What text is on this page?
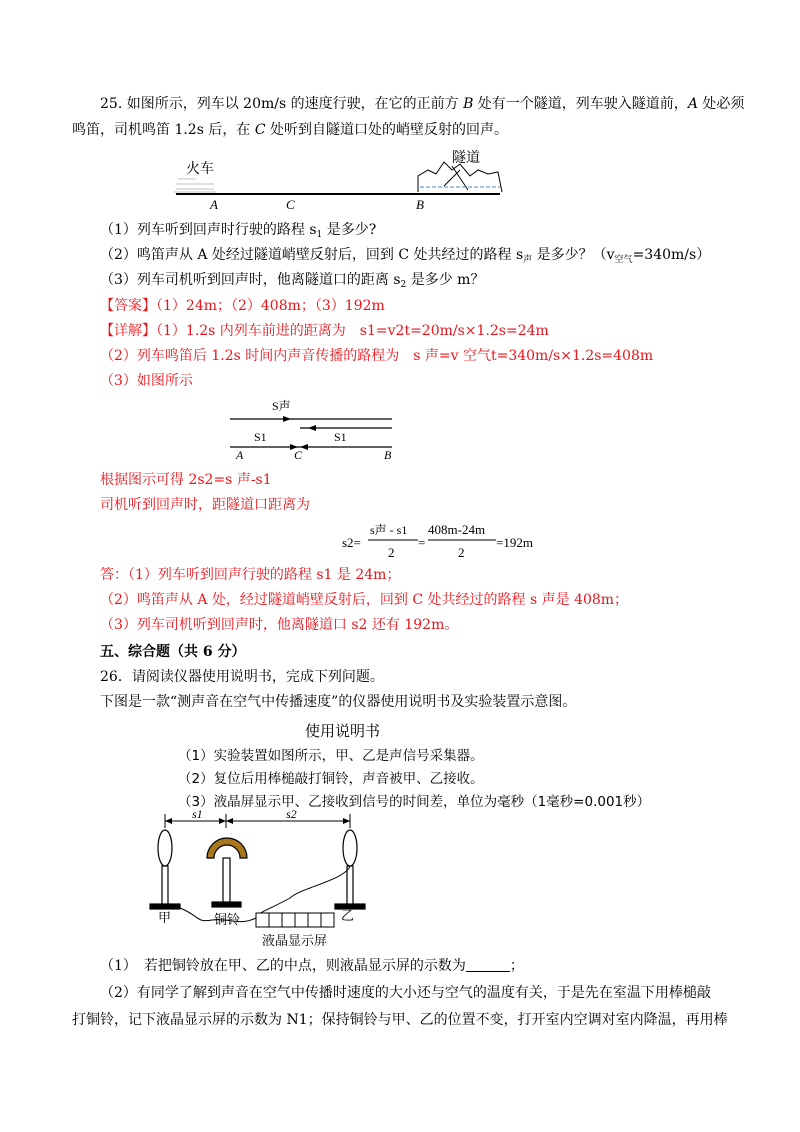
25. 如图所示，列车以 20m/s 的速度行驶，在它的正前方 B 处有一个隧道，列车驶入隧道前，A 处必须
鸣笛，司机鸣笛 1.2s 后，在 C 处听到自隧道口处的峭壁反射的回声。
火车
隧道
A	C	B
（1）列车听到回声时行驶的路程 $s_1$ 是多少?
（2）鸣笛声从 A 处经过隧道峭壁反射后，回到 C 处共经过的路程 $s_声$ 是多少？$(v_{空气}=340m/s)$
（3）列车司机听到回声时，他离隧道口的距离 $s_2$ 是多少 m？
【答案】（1）24m；（2）408m；（3）192m
【详解】（1）1.2s 内列车前进的距离为　s1=v2t=20m/s×1.2s=24m
（2）列车鸣笛后 1.2s 时间内声音传播的路程为　s 声=v 空气t=340m/s×1.2s=408m
（3）如图所示
S声
S1	S1
A	C	B
根据图示可得 2s2=s 声-s1
司机听到回声时，距隧道口距离为
s2=
s声 - s1
2
=
408m-24m
2
=192m
答：（1）列车听到回声行驶的路程 s1 是 24m；
（2）鸣笛声从 A 处，经过隧道峭壁反射后，回到 C 处共经过的路程 s 声是 408m；
（3）列车司机听到回声时，他离隧道口 s2 还有 192m。
五、综合题（共 6 分）
26．请阅读仪器使用说明书，完成下列问题。
下图是一款“测声音在空气中传播速度”的仪器使用说明书及实验装置示意图。
使用说明书
（1）实验装置如图所示，甲、乙是声信号采集器。
（2）复位后用棒槌敲打铜铃，声音被甲、乙接收。
（3）液晶屏显示甲、乙接收到信号的时间差，单位为毫秒（1毫秒=0.001秒）
s1	s2
甲	铜铃	乙
液晶显示屏
（1）　若把铜铃放在甲、乙的中点，则液晶显示屏的示数为	；
（2）有同学了解到声音在空气中传播时速度的大小还与空气的温度有关，于是先在室温下用棒槌敲
打铜铃，记下液晶显示屏的示数为 N1；保持铜铃与甲、乙的位置不变，打开室内空调对室内降温，再用棒
